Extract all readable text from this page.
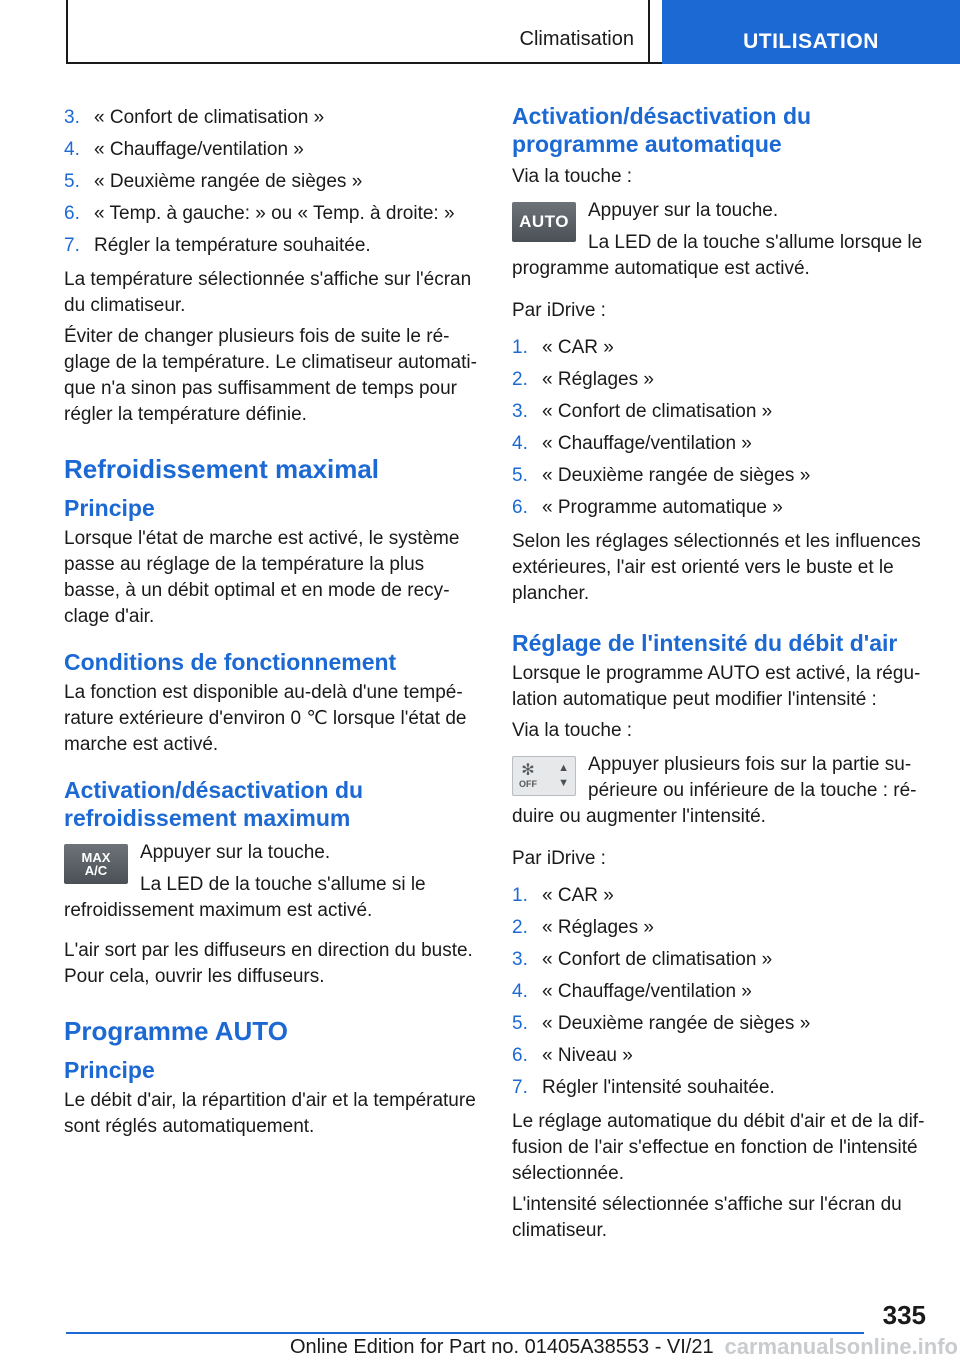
Climatisation	UTILISATION
3. « Confort de climatisation »
4. « Chauffage/ventilation »
5. « Deuxième rangée de sièges »
6. « Temp. à gauche: » ou « Temp. à droite: »
7. Régler la température souhaitée.

La température sélectionnée s'affiche sur l'écran du climatiseur.

Éviter de changer plusieurs fois de suite le réglage de la température. Le climatiseur automatique n'a sinon pas suffisamment de temps pour régler la température définie.

Refroidissement maximal
Principe

Lorsque l'état de marche est activé, le système passe au réglage de la température la plus basse, à un débit optimal et en mode de recyclage d'air.

Conditions de fonctionnement

La fonction est disponible au-delà d'une température extérieure d'environ 0 ℃ lorsque l'état de marche est activé.

Activation/désactivation du refroidissement maximum
MAX
A/C
Appuyer sur la touche.
La LED de la touche s'allume si le refroidissement maximum est activé.

L'air sort par les diffuseurs en direction du buste. Pour cela, ouvrir les diffuseurs.

Programme AUTO
Principe

Le débit d'air, la répartition d'air et la température sont réglés automatiquement.

Activation/désactivation du programme automatique

Via la touche :

AUTO
Appuyer sur la touche.
La LED de la touche s'allume lorsque le programme automatique est activé.

Par iDrive :

1. « CAR »
2. « Réglages »
3. « Confort de climatisation »
4. « Chauffage/ventilation »
5. « Deuxième rangée de sièges »
6. « Programme automatique »

Selon les réglages sélectionnés et les influences extérieures, l'air est orienté vers le buste et le plancher.

Réglage de l'intensité du débit d'air

Lorsque le programme AUTO est activé, la régulation automatique peut modifier l'intensité :

Via la touche :

✻
OFF
▲
▼
Appuyer plusieurs fois sur la partie supérieure ou inférieure de la touche : réduire ou augmenter l'intensité.

Par iDrive :

1. « CAR »
2. « Réglages »
3. « Confort de climatisation »
4. « Chauffage/ventilation »
5. « Deuxième rangée de sièges »
6. « Niveau »
7. Régler l'intensité souhaitée.

Le réglage automatique du débit d'air et de la diffusion de l'air s'effectue en fonction de l'intensité sélectionnée.

L'intensité sélectionnée s'affiche sur l'écran du climatiseur.

335
Online Edition for Part no. 01405A38553 - VI/21 carmanualsonline.info
